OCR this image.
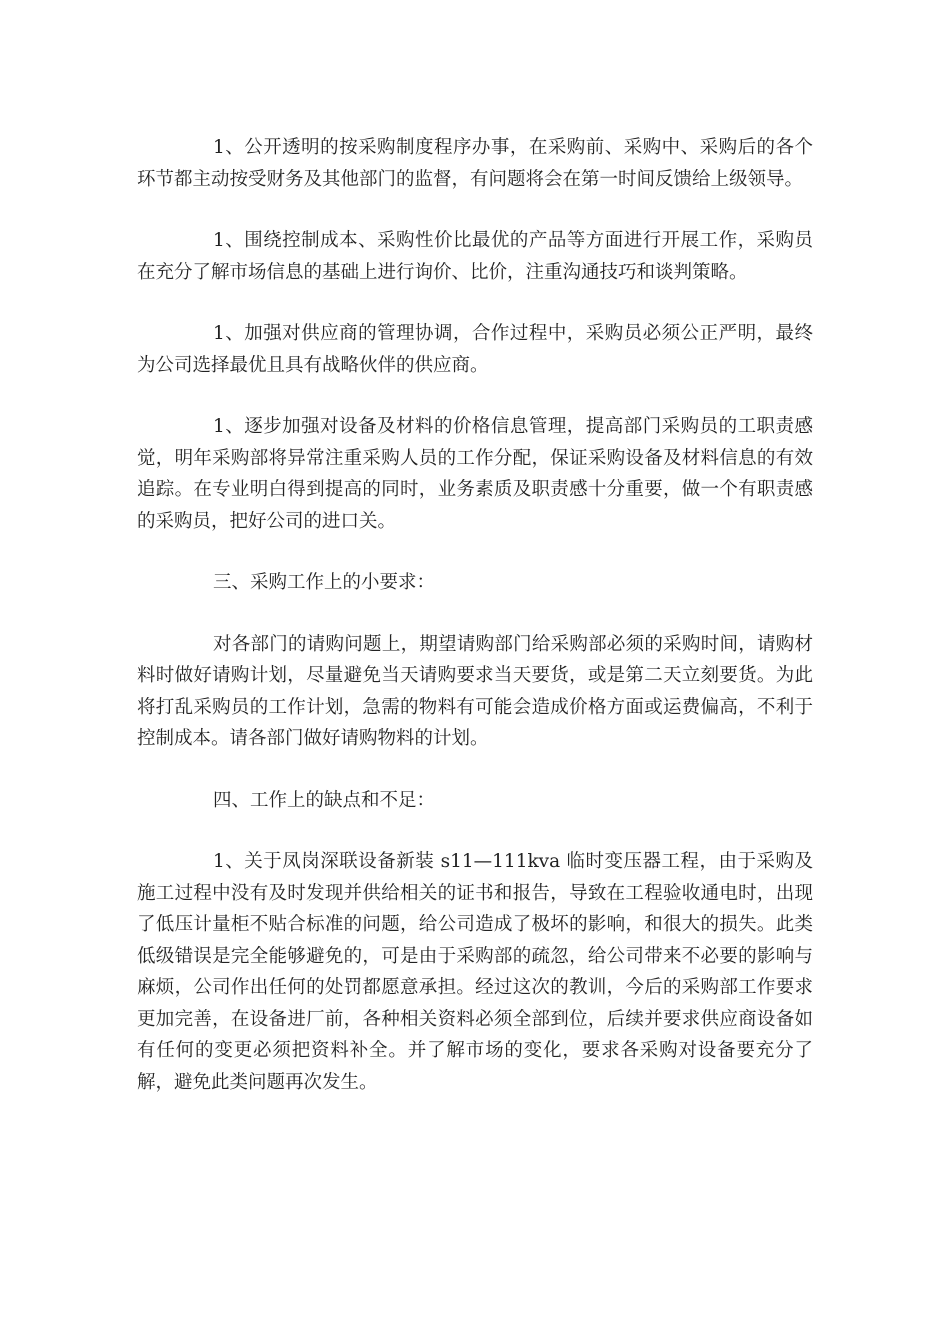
1、公开透明的按采购制度程序办事，在采购前、采购中、采购后的各个环节都主动按受财务及其他部门的监督，有问题将会在第一时间反馈给上级领导。

1、围绕控制成本、采购性价比最优的产品等方面进行开展工作，采购员在充分了解市场信息的基础上进行询价、比价，注重沟通技巧和谈判策略。

1、加强对供应商的管理协调，合作过程中，采购员必须公正严明，最终为公司选择最优且具有战略伙伴的供应商。

1、逐步加强对设备及材料的价格信息管理，提高部门采购员的工职责感觉，明年采购部将异常注重采购人员的工作分配，保证采购设备及材料信息的有效追踪。在专业明白得到提高的同时，业务素质及职责感十分重要，做一个有职责感的采购员，把好公司的进口关。

三、采购工作上的小要求：

对各部门的请购问题上，期望请购部门给采购部必须的采购时间，请购材料时做好请购计划，尽量避免当天请购要求当天要货，或是第二天立刻要货。为此将打乱采购员的工作计划，急需的物料有可能会造成价格方面或运费偏高，不利于控制成本。请各部门做好请购物料的计划。

四、工作上的缺点和不足：

1、关于凤岗深联设备新装 s11—111kva 临时变压器工程，由于采购及施工过程中没有及时发现并供给相关的证书和报告，导致在工程验收通电时，出现了低压计量柜不贴合标准的问题，给公司造成了极坏的影响，和很大的损失。此类低级错误是完全能够避免的，可是由于采购部的疏忽，给公司带来不必要的影响与麻烦，公司作出任何的处罚都愿意承担。经过这次的教训，今后的采购部工作要求更加完善，在设备进厂前，各种相关资料必须全部到位，后续并要求供应商设备如有任何的变更必须把资料补全。并了解市场的变化，要求各采购对设备要充分了解，避免此类问题再次发生。
